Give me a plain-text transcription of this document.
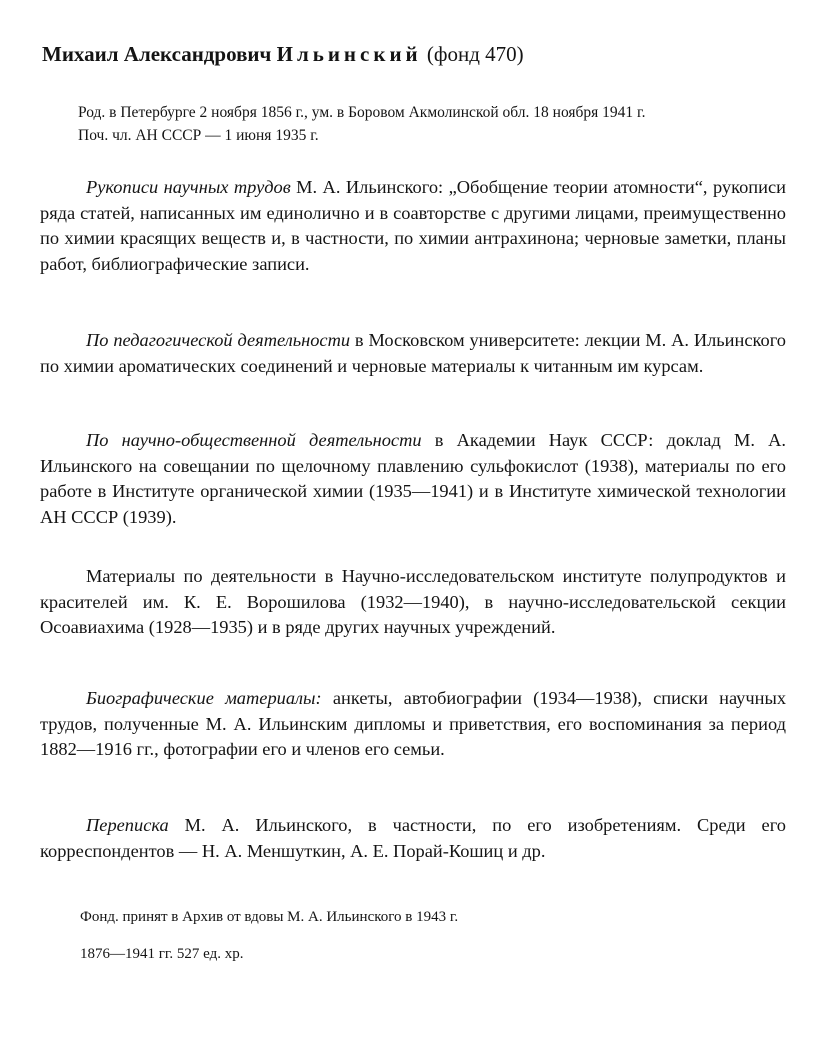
Михаил Александрович Ильинский (фонд 470)
Род. в Петербурге 2 ноября 1856 г., ум. в Боровом Акмолинской обл. 18 ноября 1941 г.
Поч. чл. АН СССР — 1 июня 1935 г.

Рукописи научных трудов М. А. Ильинского: „Обобщение теории атомности“, рукописи ряда статей, написанных им единолично и в соавторстве с другими лицами, преимущественно по химии красящих веществ и, в частности, по химии антрахинона; черновые заметки, планы работ, библиографические записи.

По педагогической деятельности в Московском университете: лекции М. А. Ильинского по химии ароматических соединений и черновые материалы к читанным им курсам.

По научно-общественной деятельности в Академии Наук СССР: доклад М. А. Ильинского на совещании по щелочному плавлению сульфокислот (1938), материалы по его работе в Институте органической химии (1935—1941) и в Институте химической технологии АН СССР (1939).

Материалы по деятельности в Научно-исследовательском институте полупродуктов и красителей им. К. Е. Ворошилова (1932—1940), в научно-исследовательской секции Осоавиахима (1928—1935) и в ряде других научных учреждений.

Биографические материалы: анкеты, автобиографии (1934—1938), списки научных трудов, полученные М. А. Ильинским дипломы и приветствия, его воспоминания за период 1882—1916 гг., фотографии его и членов его семьи.

Переписка М. А. Ильинского, в частности, по его изобретениям. Среди его корреспондентов — Н. А. Меншуткин, А. Е. Порай-Кошиц и др.

Фонд. принят в Архив от вдовы М. А. Ильинского в 1943 г.
1876—1941 гг. 527 ед. хр.
